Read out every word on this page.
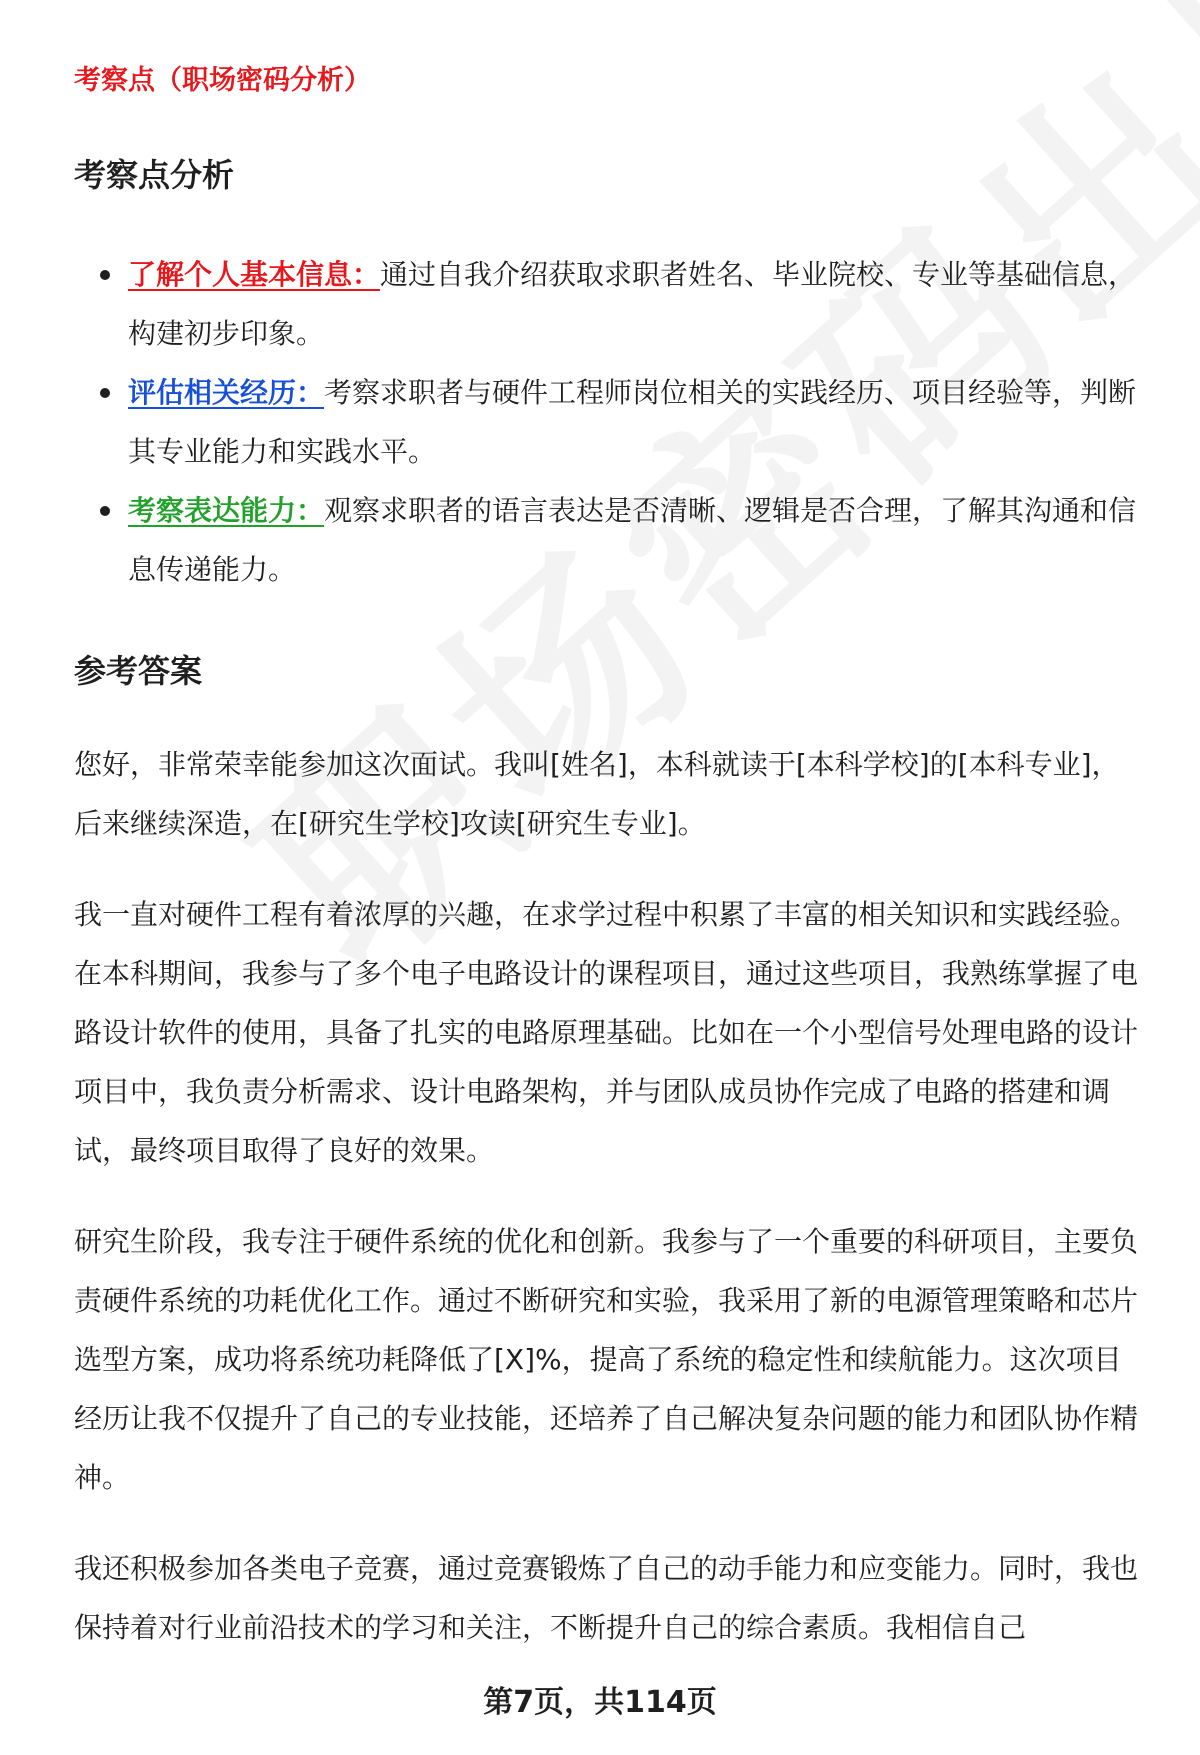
考察点（职场密码分析）

考察点分析
了解个人基本信息：通过自我介绍获取求职者姓名、毕业院校、专业等基础信息，构建初步印象。
评估相关经历：考察求职者与硬件工程师岗位相关的实践经历、项目经验等，判断其专业能力和实践水平。
考察表达能力：观察求职者的语言表达是否清晰、逻辑是否合理，了解其沟通和信息传递能力。
参考答案

您好，非常荣幸能参加这次面试。我叫[姓名]，本科就读于[本科学校]的[本科专业]，后来继续深造，在[研究生学校]攻读[研究生专业]。

我一直对硬件工程有着浓厚的兴趣，在求学过程中积累了丰富的相关知识和实践经验。在本科期间，我参与了多个电子电路设计的课程项目，通过这些项目，我熟练掌握了电路设计软件的使用，具备了扎实的电路原理基础。比如在一个小型信号处理电路的设计项目中，我负责分析需求、设计电路架构，并与团队成员协作完成了电路的搭建和调试，最终项目取得了良好的效果。

研究生阶段，我专注于硬件系统的优化和创新。我参与了一个重要的科研项目，主要负责硬件系统的功耗优化工作。通过不断研究和实验，我采用了新的电源管理策略和芯片选型方案，成功将系统功耗降低了[X]%，提高了系统的稳定性和续航能力。这次项目经历让我不仅提升了自己的专业技能，还培养了自己解决复杂问题的能力和团队协作精神。

我还积极参加各类电子竞赛，通过竞赛锻炼了自己的动手能力和应变能力。同时，我也保持着对行业前沿技术的学习和关注，不断提升自己的综合素质。我相信自己

第7页，共114页
